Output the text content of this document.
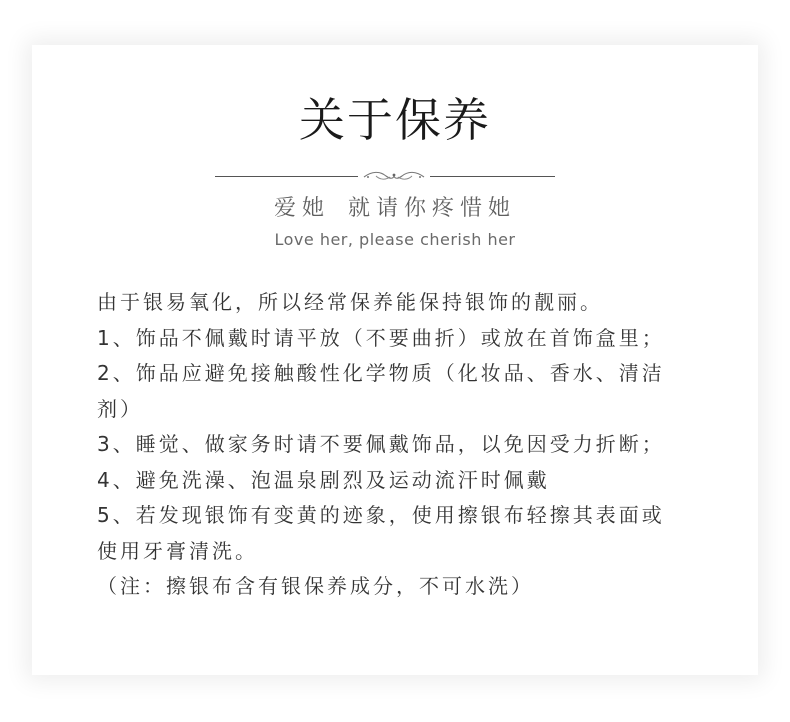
关于保养
爱她 就请你疼惜她
Love her, please cherish her
由于银易氧化，所以经常保养能保持银饰的靓丽。
1、饰品不佩戴时请平放（不要曲折）或放在首饰盒里；
2、饰品应避免接触酸性化学物质（化妆品、香水、清洁
剂）
3、睡觉、做家务时请不要佩戴饰品，以免因受力折断；
4、避免洗澡、泡温泉剧烈及运动流汗时佩戴
5、若发现银饰有变黄的迹象，使用擦银布轻擦其表面或
使用牙膏清洗。
（注：擦银布含有银保养成分，不可水洗）
